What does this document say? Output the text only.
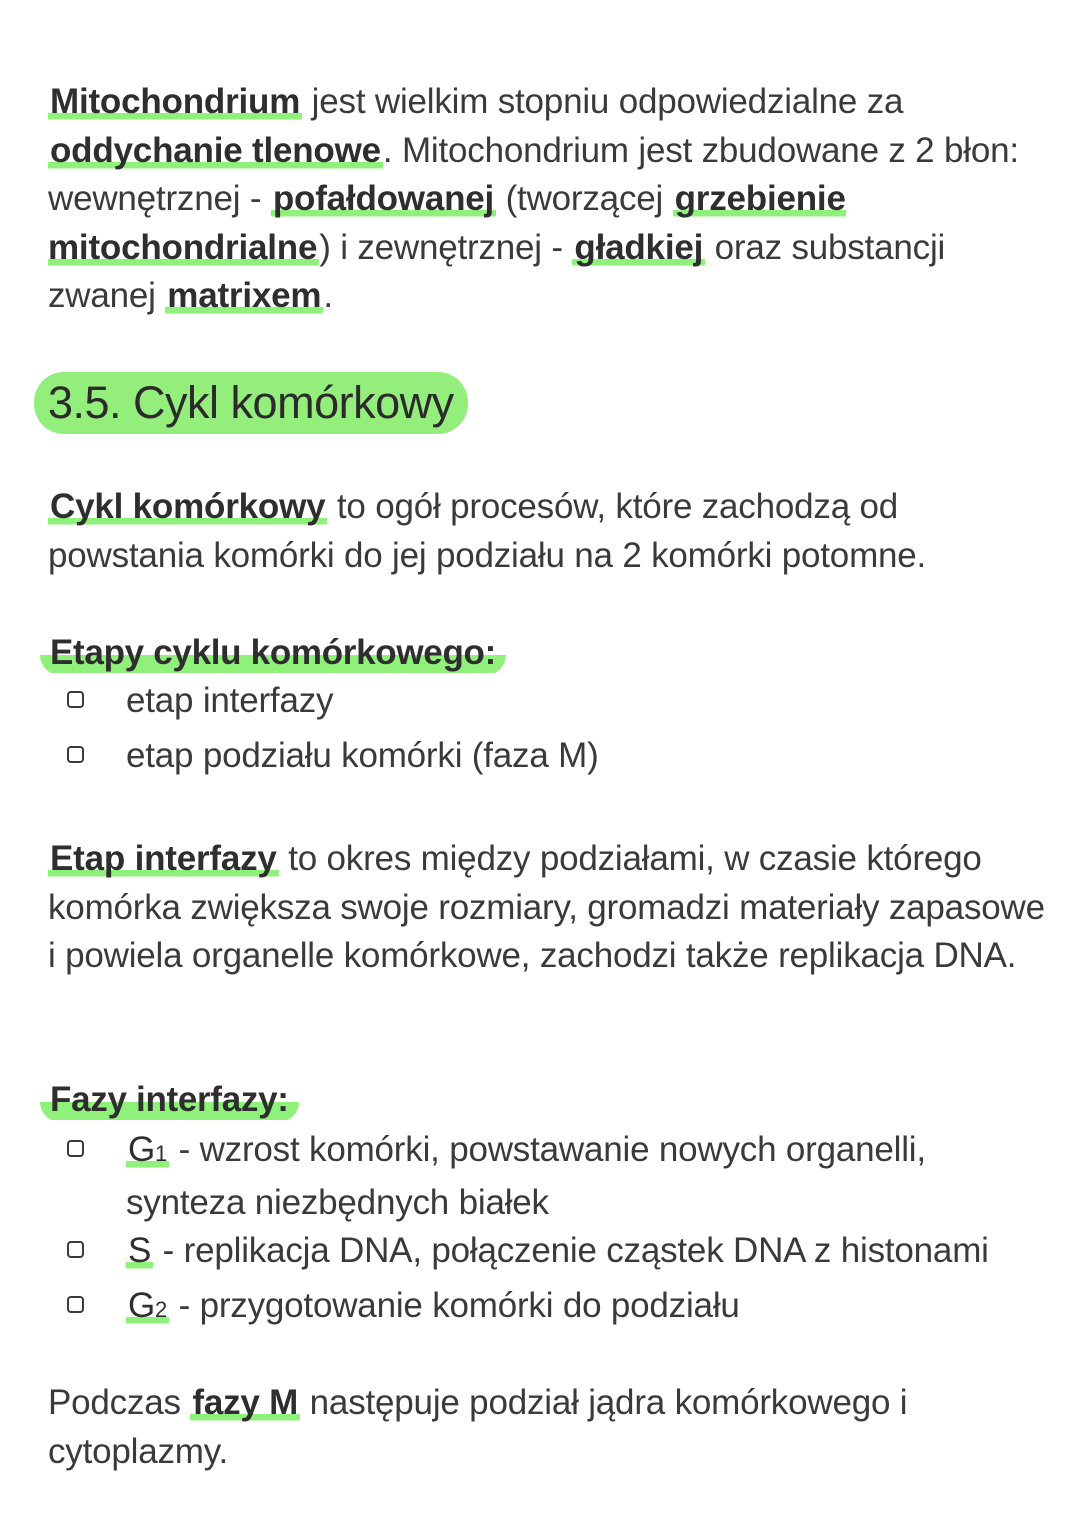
Mitochondrium jest wielkim stopniu odpowiedzialne za oddychanie tlenowe. Mitochondrium jest zbudowane z 2 błon: wewnętrznej - pofałdowanej (tworzącej grzebienie mitochondrialne) i zewnętrznej - gładkiej oraz substancji zwanej matrixem.

3.5. Cykl komórkowy

Cykl komórkowy to ogół procesów, które zachodzą od powstania komórki do jej podziału na 2 komórki potomne.

Etapy cyklu komórkowego:
etap interfazy
etap podziału komórki (faza M)

Etap interfazy to okres między podziałami, w czasie którego komórka zwiększa swoje rozmiary, gromadzi materiały zapasowe i powiela organelle komórkowe, zachodzi także replikacja DNA.

Fazy interfazy:
G1 - wzrost komórki, powstawanie nowych organelli, synteza niezbędnych białek
S - replikacja DNA, połączenie cząstek DNA z histonami
G2 - przygotowanie komórki do podziału

Podczas fazy M następuje podział jądra komórkowego i cytoplazmy.
